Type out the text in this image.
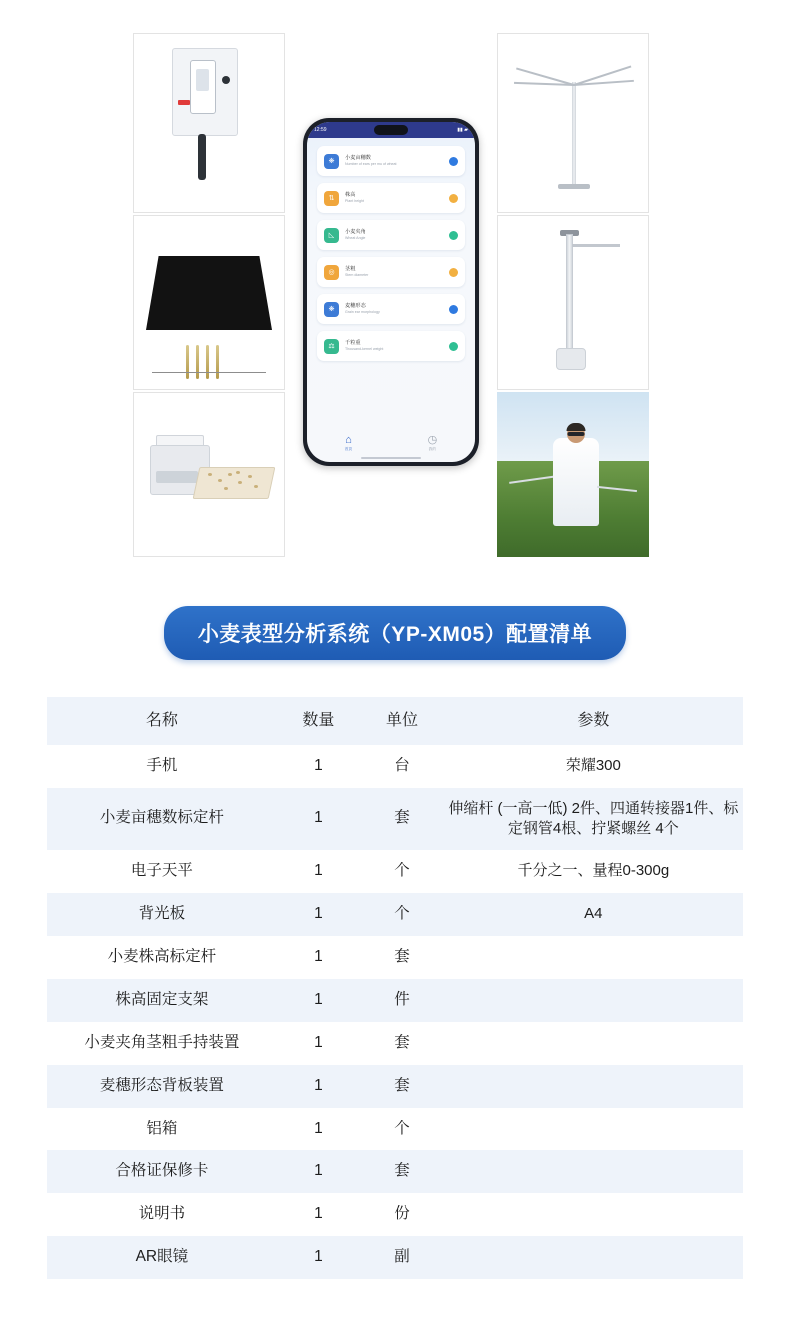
12:59	▮▮ ▰
❋
小麦亩穗数
Number of ears per mu of wheat
⇅
株高
Plant height
◺
小麦夹角
Wheat Angle
◎
茎粗
Stem diameter
❋
麦穗形态
Grain ear morphology
⚖
千粒重
Thousand-kernel weight
⌂
首页
◷
我的
小麦表型分析系统（YP-XM05）配置清单
名称	数量	单位	参数
手机	1	台	荣耀300
小麦亩穗数标定杆	1	套	伸缩杆 (一高一低) 2件、四通转接器1件、标定钢管4根、拧紧螺丝 4个
电子天平	1	个	千分之一、量程0-300g
背光板	1	个	A4
小麦株高标定杆	1	套	
株高固定支架	1	件	
小麦夹角茎粗手持装置	1	套	
麦穗形态背板装置	1	套	
铝箱	1	个	
合格证保修卡	1	套	
说明书	1	份	
AR眼镜	1	副	
